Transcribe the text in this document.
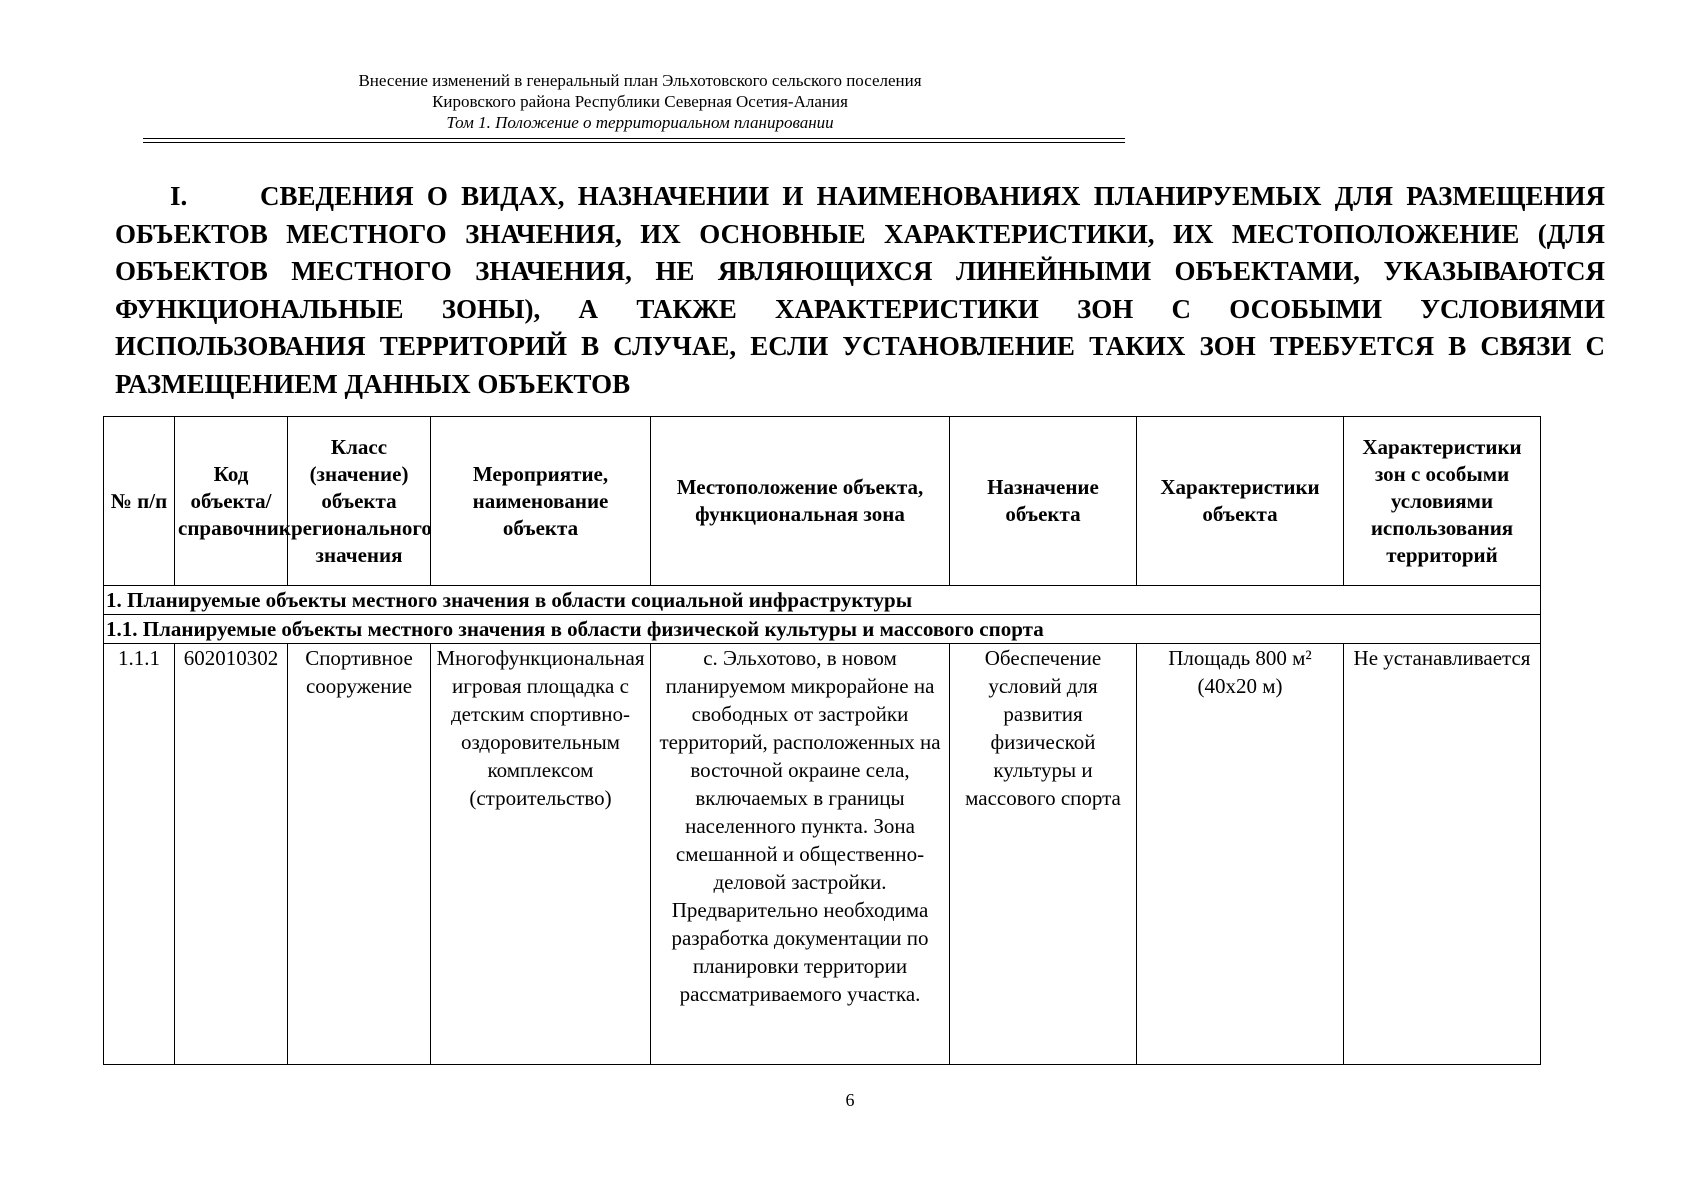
Внесение изменений в генеральный план Эльхотовского сельского поселения
Кировского района Республики Северная Осетия-Алания
Том 1. Положение о территориальном планировании
I.	СВЕДЕНИЯ О ВИДАХ, НАЗНАЧЕНИИ И НАИМЕНОВАНИЯХ ПЛАНИРУЕМЫХ ДЛЯ РАЗМЕЩЕНИЯ ОБЪЕКТОВ МЕСТНОГО ЗНАЧЕНИЯ, ИХ ОСНОВНЫЕ ХАРАКТЕРИСТИКИ, ИХ МЕСТОПОЛОЖЕНИЕ (ДЛЯ ОБЪЕКТОВ МЕСТНОГО ЗНАЧЕНИЯ, НЕ ЯВЛЯЮЩИХСЯ ЛИНЕЙНЫМИ ОБЪЕКТАМИ, УКАЗЫВАЮТСЯ ФУНКЦИОНАЛЬНЫЕ ЗОНЫ), А ТАКЖЕ ХАРАКТЕРИСТИКИ ЗОН С ОСОБЫМИ УСЛОВИЯМИ ИСПОЛЬЗОВАНИЯ ТЕРРИТОРИЙ В СЛУЧАЕ, ЕСЛИ УСТАНОВЛЕНИЕ ТАКИХ ЗОН ТРЕБУЕТСЯ В СВЯЗИ С РАЗМЕЩЕНИЕМ ДАННЫХ ОБЪЕКТОВ
№ п/п	Код объекта/ справочник	Класс (значение) объекта регионального значения	Мероприятие, наименование объекта	Местоположение объекта, функциональная зона	Назначение объекта	Характеристики объекта	Характеристики зон с особыми условиями использования территорий
1. Планируемые объекты местного значения в области социальной инфраструктуры							
1.1. Планируемые объекты местного значения в области физической культуры и массового спорта							
1.1.1	602010302	Спортивное сооружение	Многофункциональная игровая площадка с детским спортивно-оздоровительным комплексом (строительство)	с. Эльхотово, в новом планируемом микрорайоне на свободных от застройки территорий, расположенных на восточной окраине села, включаемых в границы населенного пункта. Зона смешанной и общественно-деловой застройки. Предварительно необходима разработка документации по планировки территории рассматриваемого участка.	Обеспечение условий для развития физической культуры и массового спорта	Площадь 800 м² (40х20 м)	Не устанавливается
6
